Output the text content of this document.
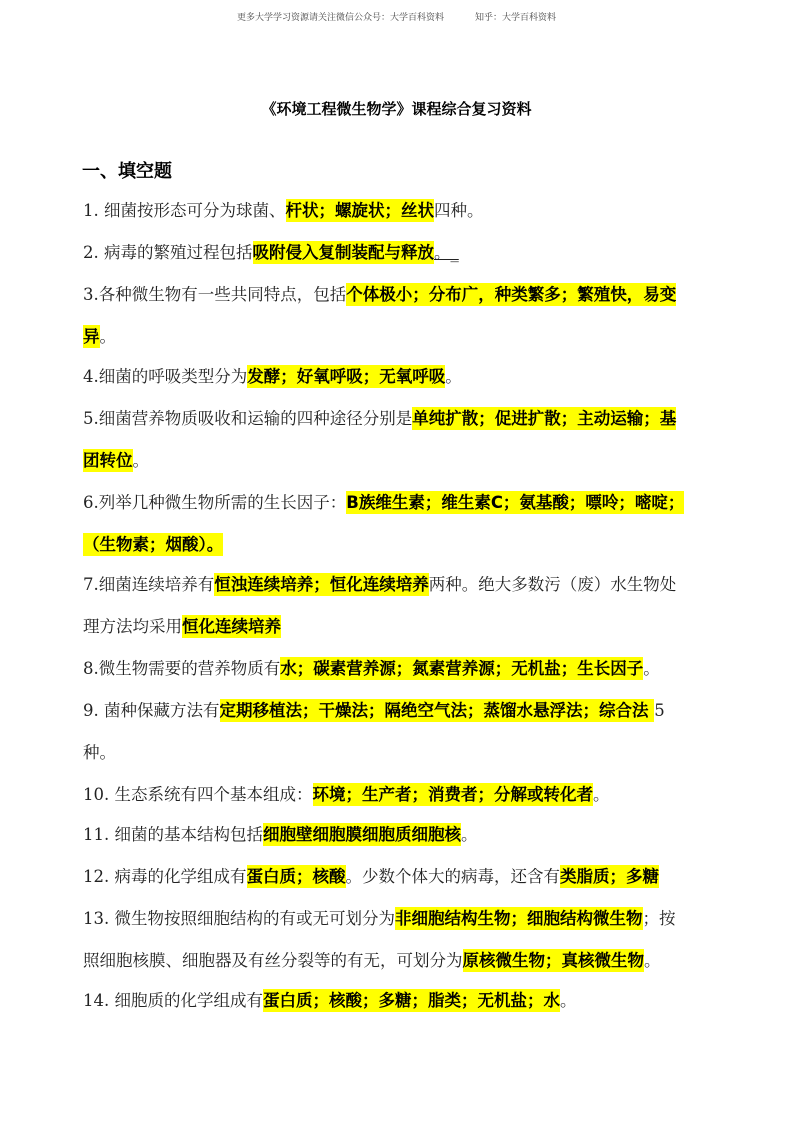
更多大学学习资源请关注微信公众号：大学百科资料	知乎：大学百科资料
《环境工程微生物学》课程综合复习资料
一、填空题
1. 细菌按形态可分为球菌、杆状；螺旋状；丝状四种。
2. 病毒的繁殖过程包括吸附侵入复制装配与释放。_
3.各种微生物有一些共同特点，包括个体极小；分布广，种类繁多；繁殖快，易变
异。
4.细菌的呼吸类型分为发酵；好氧呼吸；无氧呼吸。
5.细菌营养物质吸收和运输的四种途径分别是单纯扩散；促进扩散；主动运输；基
团转位。
6.列举几种微生物所需的生长因子：B族维生素；维生素C；氨基酸；嘌呤；嘧啶；
（生物素；烟酸）。
7.细菌连续培养有恒浊连续培养；恒化连续培养两种。绝大多数污（废）水生物处
理方法均采用恒化连续培养
8.微生物需要的营养物质有水；碳素营养源；氮素营养源；无机盐；生长因子。
9. 菌种保藏方法有定期移植法；干燥法；隔绝空气法；蒸馏水悬浮法；综合法 5
种。
10. 生态系统有四个基本组成：环境；生产者；消费者；分解或转化者。
11. 细菌的基本结构包括细胞壁细胞膜细胞质细胞核。
12. 病毒的化学组成有蛋白质；核酸。少数个体大的病毒，还含有类脂质；多糖
13. 微生物按照细胞结构的有或无可划分为非细胞结构生物；细胞结构微生物；按
照细胞核膜、细胞器及有丝分裂等的有无，可划分为原核微生物；真核微生物。
14. 细胞质的化学组成有蛋白质；核酸；多糖；脂类；无机盐；水。
